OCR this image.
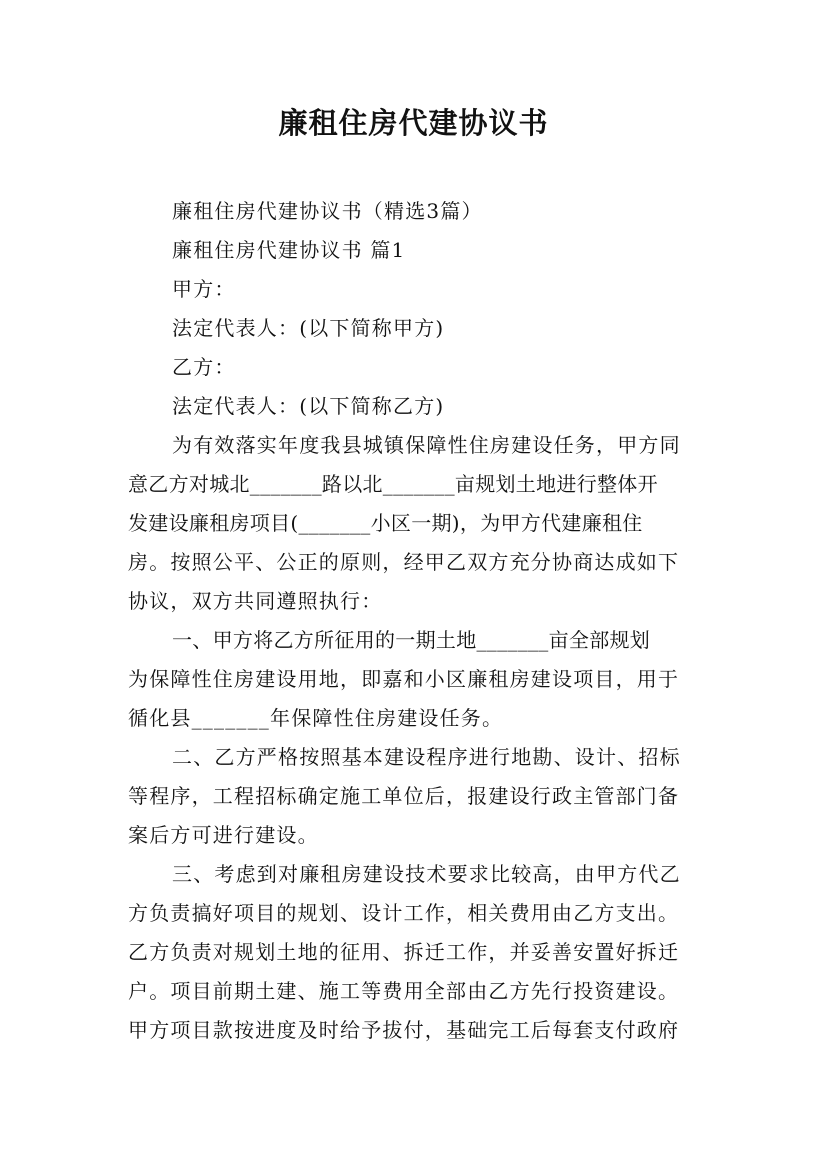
廉租住房代建协议书
廉租住房代建协议书（精选3篇）
廉租住房代建协议书 篇1
甲方：
法定代表人：(以下简称甲方)
乙方：
法定代表人：(以下简称乙方)
为有效落实年度我县城镇保障性住房建设任务，甲方同
意乙方对城北_______路以北_______亩规划土地进行整体开
发建设廉租房项目(_______小区一期)，为甲方代建廉租住
房。按照公平、公正的原则，经甲乙双方充分协商达成如下
协议，双方共同遵照执行：
一、甲方将乙方所征用的一期土地_______亩全部规划
为保障性住房建设用地，即嘉和小区廉租房建设项目，用于
循化县_______年保障性住房建设任务。
二、乙方严格按照基本建设程序进行地勘、设计、招标
等程序，工程招标确定施工单位后，报建设行政主管部门备
案后方可进行建设。
三、考虑到对廉租房建设技术要求比较高，由甲方代乙
方负责搞好项目的规划、设计工作，相关费用由乙方支出。
乙方负责对规划土地的征用、拆迁工作，并妥善安置好拆迁
户。项目前期土建、施工等费用全部由乙方先行投资建设。
甲方项目款按进度及时给予拔付，基础完工后每套支付政府
